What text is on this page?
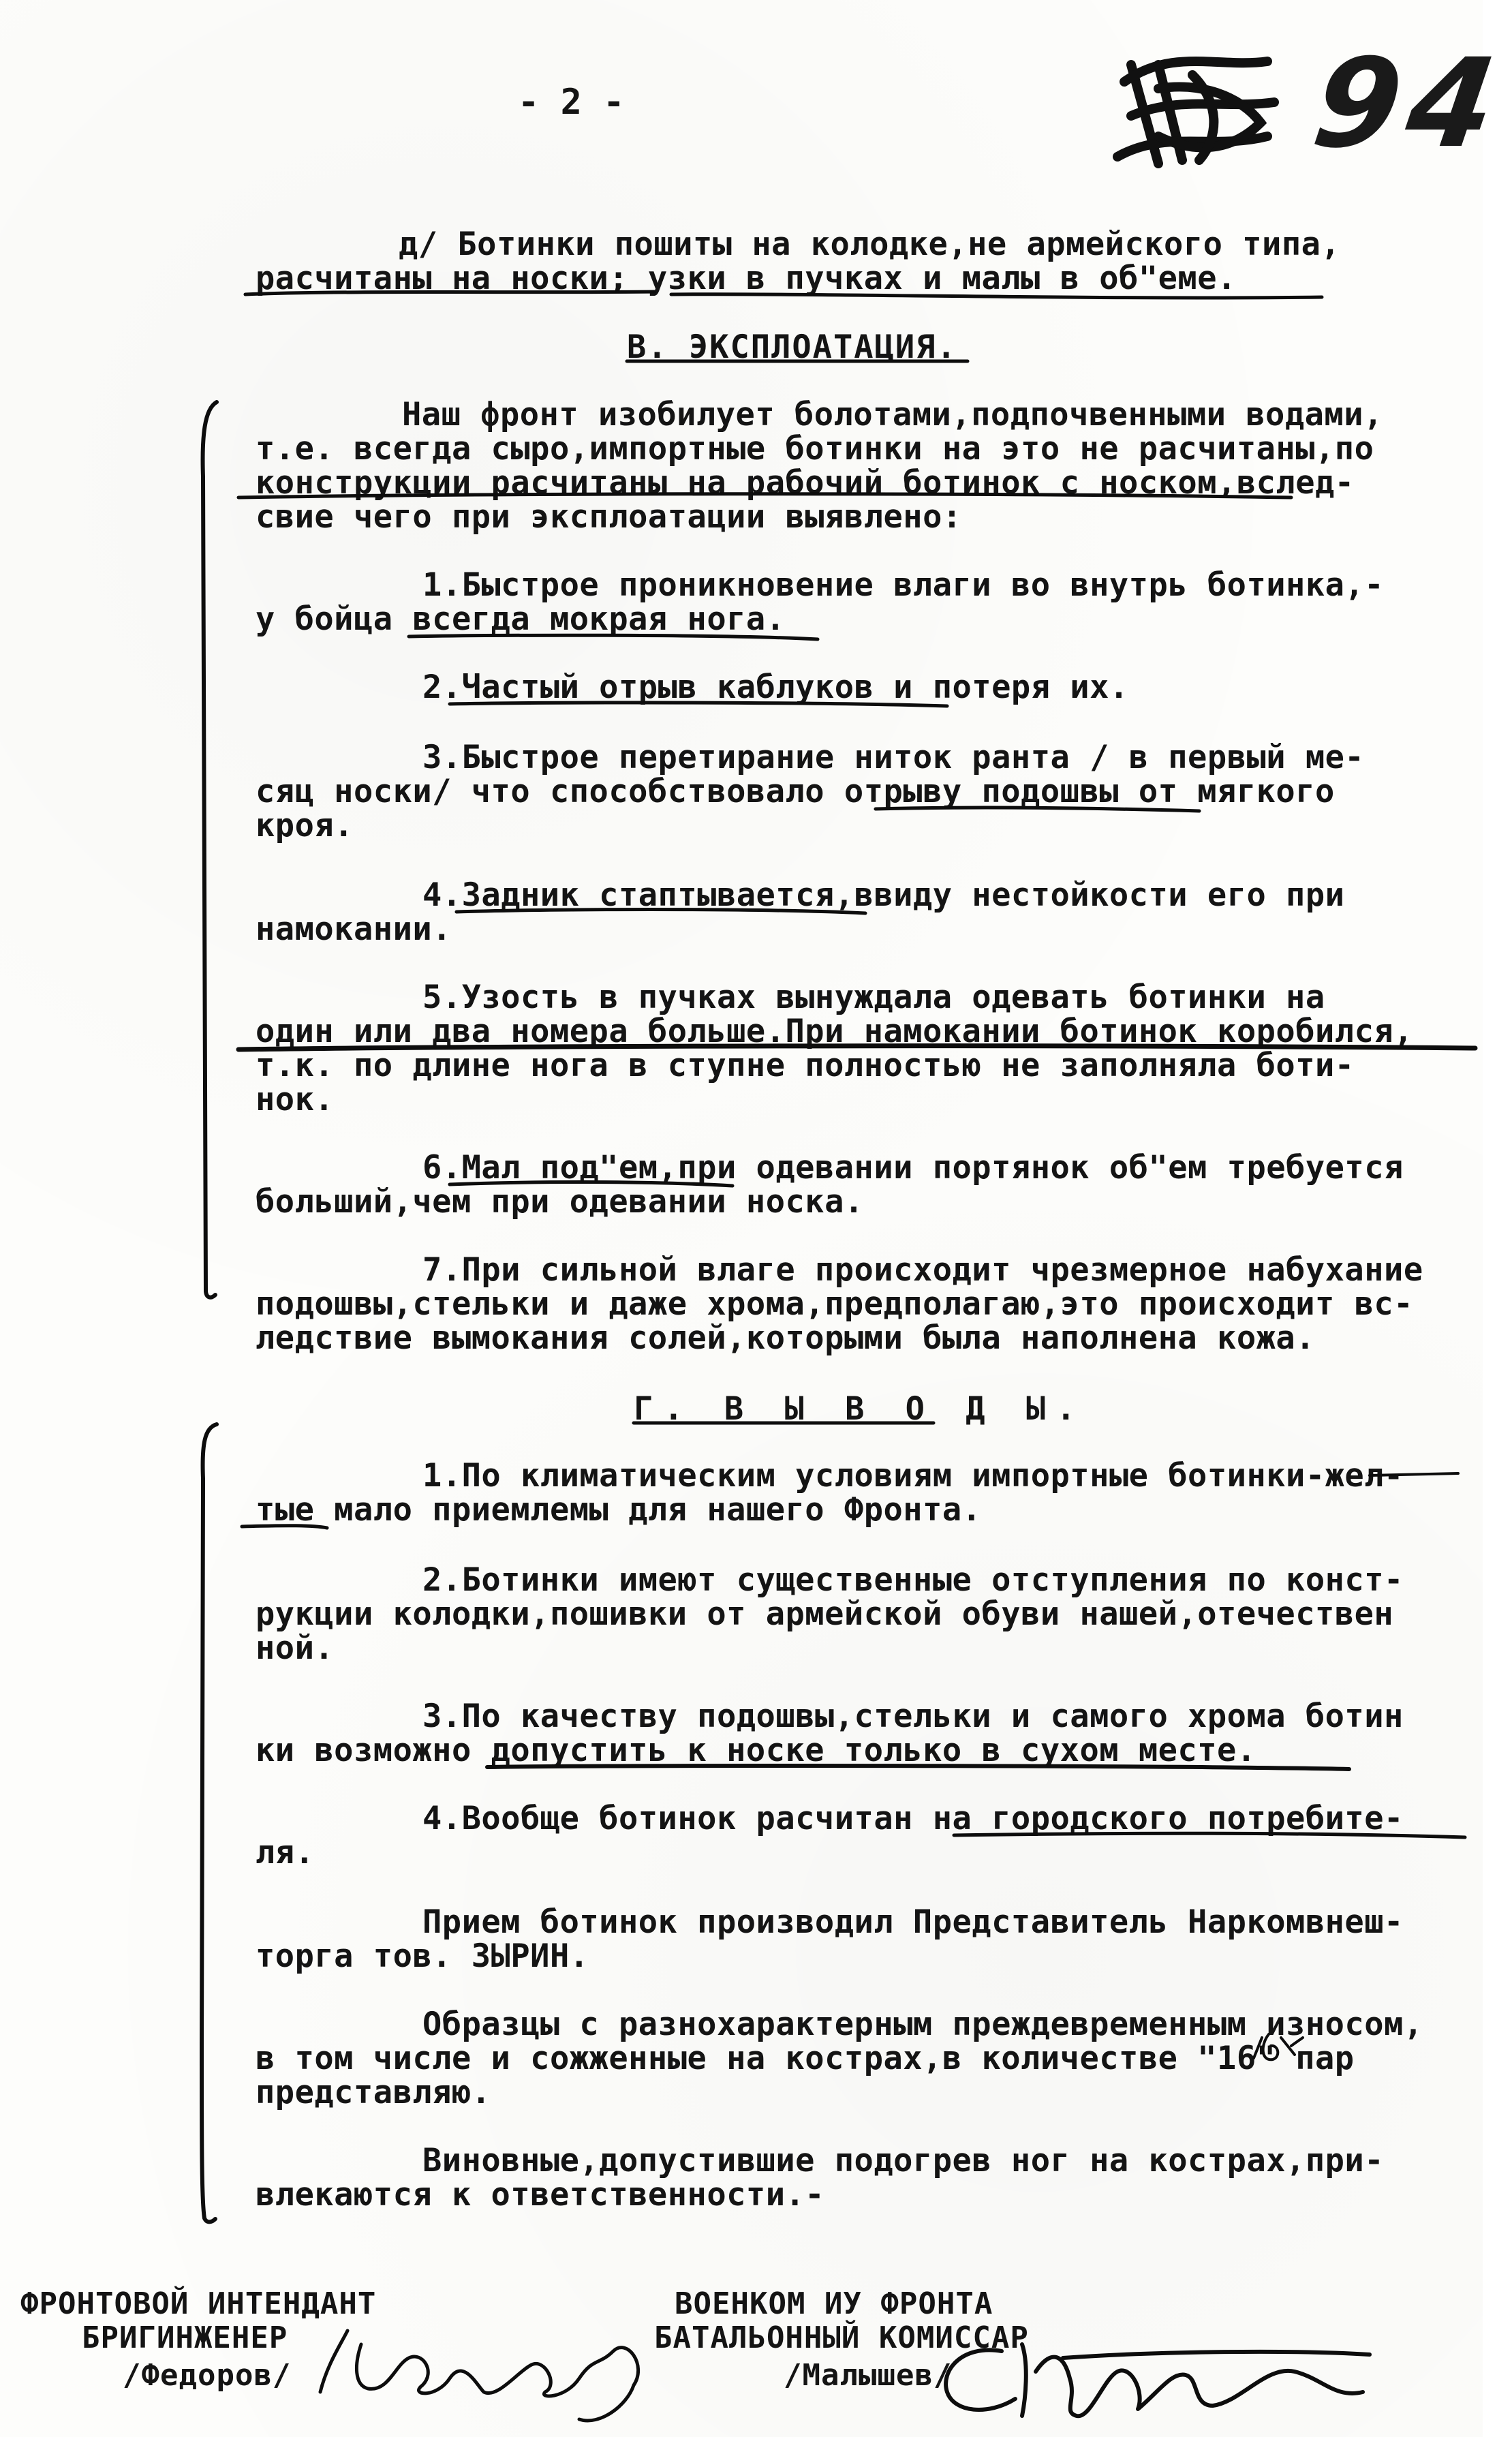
- 2 -	94
д/ Ботинки пошиты на колодке,не армейского типа,
расчитаны на носки; узки в пучках и малы в об"еме.
В. ЭКСПЛОАТАЦИЯ.
Наш фронт изобилует болотами,подпочвенными водами,
т.е. всегда сыро,импортные ботинки на это не расчитаны,по
конструкции расчитаны на рабочий ботинок с носком,вслед-
свие чего при эксплоатации выявлено:
1.Быстрое проникновение влаги во внутрь ботинка,-
у бойца всегда мокрая нога.
2.Частый отрыв каблуков и потеря их.
3.Быстрое перетирание ниток ранта / в первый ме-
сяц носки/ что способствовало отрыву подошвы от мягкого
кроя.
4.Задник стаптывается,ввиду нестойкости его при
намокании.
5.Узость в пучках вынуждала одевать ботинки на
один или два номера больше.При намокании ботинок коробился,
т.к. по длине нога в ступне полностью не заполняла боти-
нок.
6.Мал под"ем,при одевании портянок об"ем требуется
больший,чем при одевании носка.
7.При сильной влаге происходит чрезмерное набухание
подошвы,стельки и даже хрома,предполагаю,это происходит вс-
ледствие вымокания солей,которыми была наполнена кожа.
Г. В Ы В О Д Ы.
1.По климатическим условиям импортные ботинки-жел-
тые мало приемлемы для нашего Фронта.
2.Ботинки имеют существенные отступления по конст-
рукции колодки,пошивки от армейской обуви нашей,отечествен
ной.
3.По качеству подошвы,стельки и самого хрома ботин
ки возможно допустить к носке только в сухом месте.
4.Вообще ботинок расчитан на городского потребите-
ля.
Прием ботинок производил Представитель Наркомвнеш-
торга тов. ЗЫРИН.
Образцы с разнохарактерным преждевременным износом,
в том числе и сожженные на кострах,в количестве "16" пар
представляю.
Виновные,допустившие подогрев ног на кострах,при-
влекаются к ответственности.-
ФРОНТОВОЙ ИНТЕНДАНТ
БРИГИНЖЕНЕР
/Федоров/
ВОЕНКОМ ИУ ФРОНТА
БАТАЛЬОННЫЙ КОМИССАР
/Малышев/
